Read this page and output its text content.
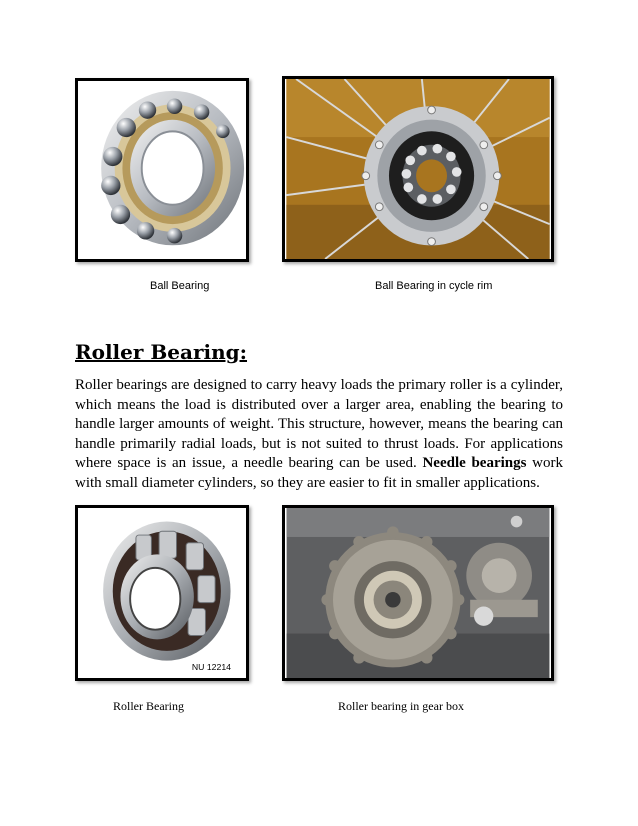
Ball Bearing	Ball Bearing in cycle rim
Roller Bearing:

Roller bearings are designed to carry heavy loads the primary roller is a cylinder, which means the load is distributed over a larger area, enabling the bearing to handle larger amounts of weight. This structure, however, means the bearing can handle primarily radial loads, but is not suited to thrust loads. For applications where space is an issue, a needle bearing can be used. Needle bearings work with small diameter cylinders, so they are easier to fit in smaller applications.

NU 12214
Roller Bearing	Roller bearing in gear box
